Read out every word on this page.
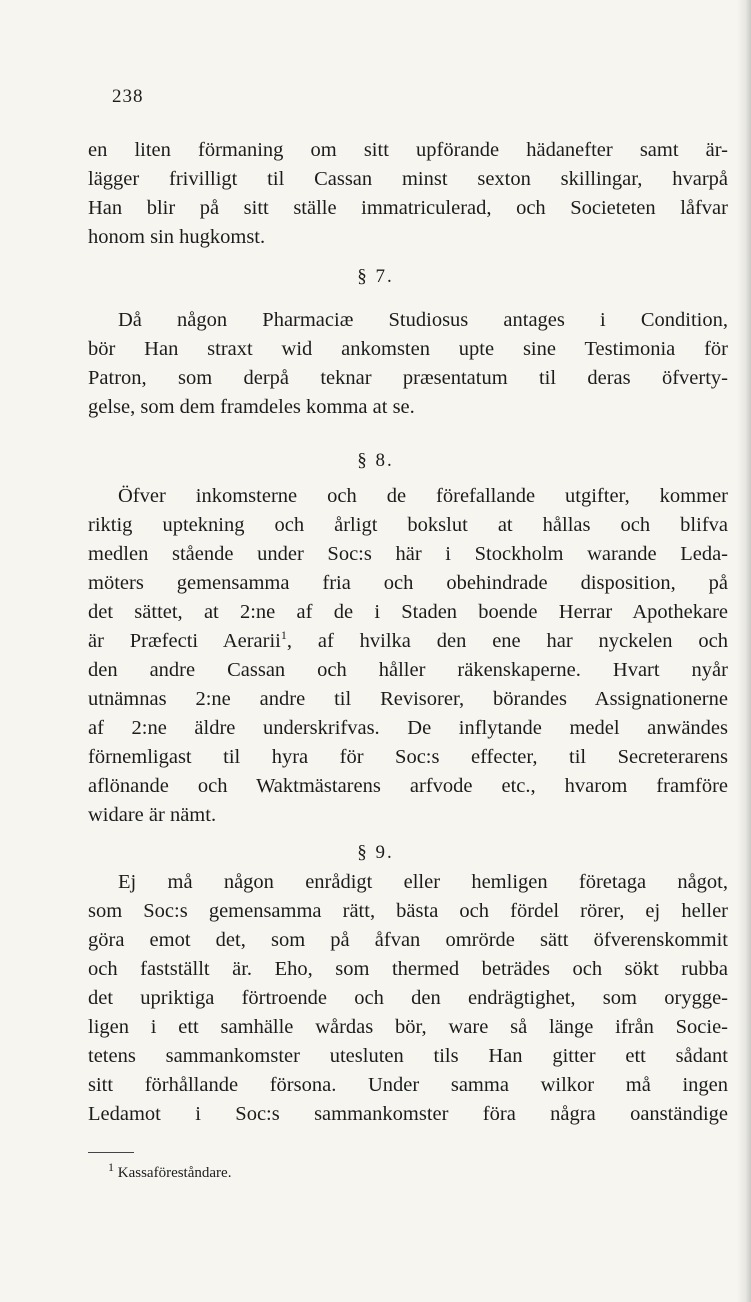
238
en liten förmaning om sitt upförande hädanefter samt är-
lägger frivilligt til Cassan minst sexton skillingar, hvarpå
Han blir på sitt ställe immatriculerad, och Societeten låfvar
honom sin hugkomst.
§ 7.
Då någon Pharmaciæ Studiosus antages i Condition,
bör Han straxt wid ankomsten upte sine Testimonia för
Patron, som derpå teknar præsentatum til deras öfverty-
gelse, som dem framdeles komma at se.
§ 8.
Öfver inkomsterne och de förefallande utgifter, kommer
riktig uptekning och årligt bokslut at hållas och blifva
medlen stående under Soc:s här i Stockholm warande Leda-
möters gemensamma fria och obehindrade disposition, på
det sättet, at 2:ne af de i Staden boende Herrar Apothekare
är Præfecti Aerarii$^1$, af hvilka den ene har nyckelen och
den andre Cassan och håller räkenskaperne. Hvart nyår
utnämnas 2:ne andre til Revisorer, börandes Assignationerne
af 2:ne äldre underskrifvas. De inflytande medel anwändes
förnemligast til hyra för Soc:s effecter, til Secreterarens
aflönande och Waktmästarens arfvode etc., hvarom framföre
widare är nämt.
§ 9.
Ej må någon enrådigt eller hemligen företaga något,
som Soc:s gemensamma rätt, bästa och fördel rörer, ej heller
göra emot det, som på åfvan omrörde sätt öfverenskommit
och fastställt är. Eho, som thermed beträdes och sökt rubba
det upriktiga förtroende och den endrägtighet, som orygge-
ligen i ett samhälle wårdas bör, ware så länge ifrån Socie-
tetens sammankomster utesluten tils Han gitter ett sådant
sitt förhållande försona. Under samma wilkor må ingen
Ledamot i Soc:s sammankomster föra några oanständige
$^1$ Kassaföreståndare.
